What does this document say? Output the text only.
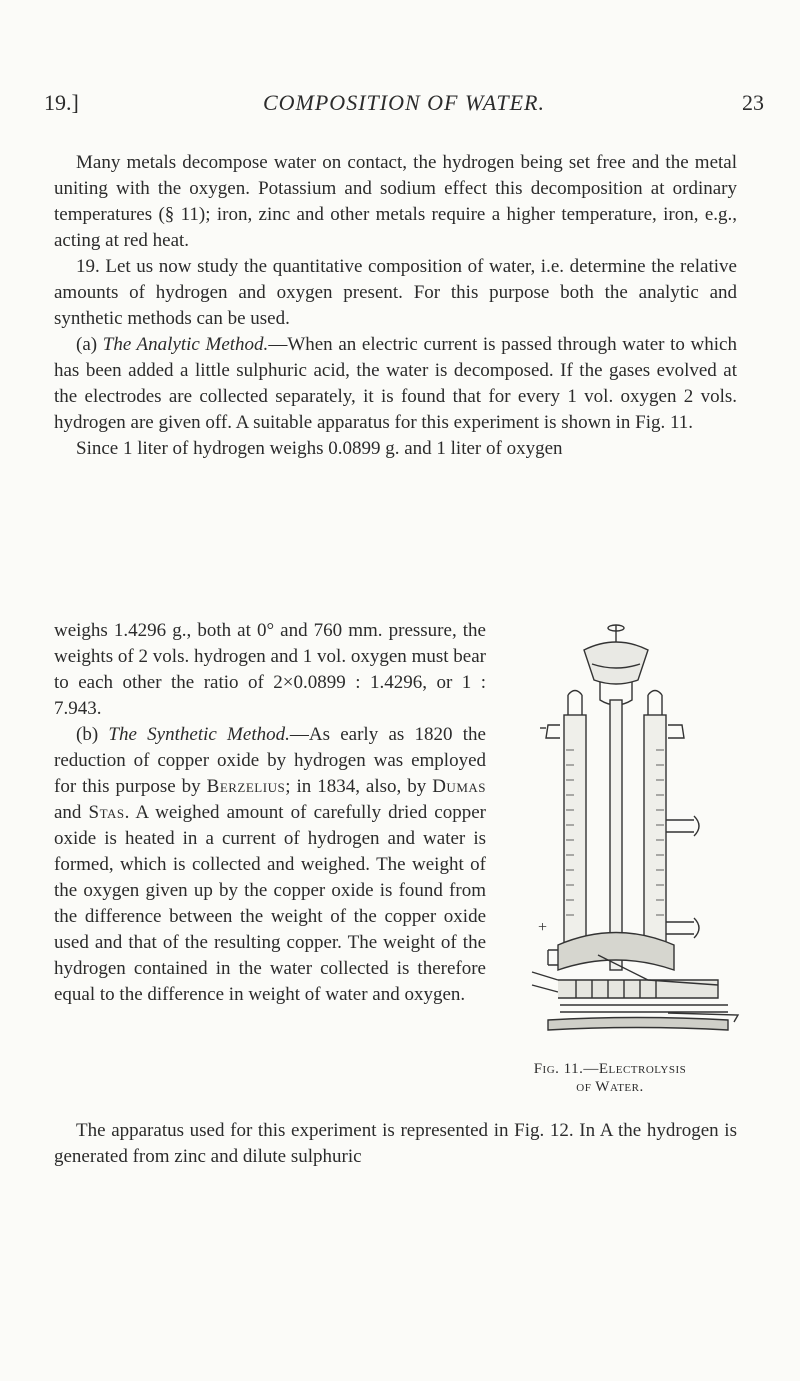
19.]	COMPOSITION OF WATER.	23

Many metals decompose water on contact, the hydrogen being set free and the metal uniting with the oxygen. Potassium and sodium effect this decomposition at ordinary temperatures (§ 11); iron, zinc and other metals require a higher temperature, iron, e.g., acting at red heat.

19. Let us now study the quantitative composition of water, i.e. determine the relative amounts of hydrogen and oxygen present. For this purpose both the analytic and synthetic methods can be used.

(a) The Analytic Method.—When an electric current is passed through water to which has been added a little sulphuric acid, the water is decomposed. If the gases evolved at the electrodes are collected separately, it is found that for every 1 vol. oxygen 2 vols. hydrogen are given off. A suitable apparatus for this experiment is shown in Fig. 11.

Since 1 liter of hydrogen weighs 0.0899 g. and 1 liter of oxygen

weighs 1.4296 g., both at 0° and 760 mm. pressure, the weights of 2 vols. hydrogen and 1 vol. oxygen must bear to each other the ratio of 2×0.0899 : 1.4296, or 1 : 7.943.

(b) The Synthetic Method.—As early as 1820 the reduction of copper oxide by hydrogen was employed for this purpose by Berzelius; in 1834, also, by Dumas and Stas. A weighed amount of carefully dried copper oxide is heated in a current of hydrogen and water is formed, which is collected and weighed. The weight of the oxygen given up by the copper oxide is found from the difference between the weight of the copper oxide used and that of the resulting copper. The weight of the hydrogen contained in the water collected is therefore equal to the difference in weight of water and oxygen.

The apparatus used for this experiment is represented in Fig. 12. In A the hydrogen is generated from zinc and dilute sulphuric

+
Fig. 11.—Electrolysis
of Water.
